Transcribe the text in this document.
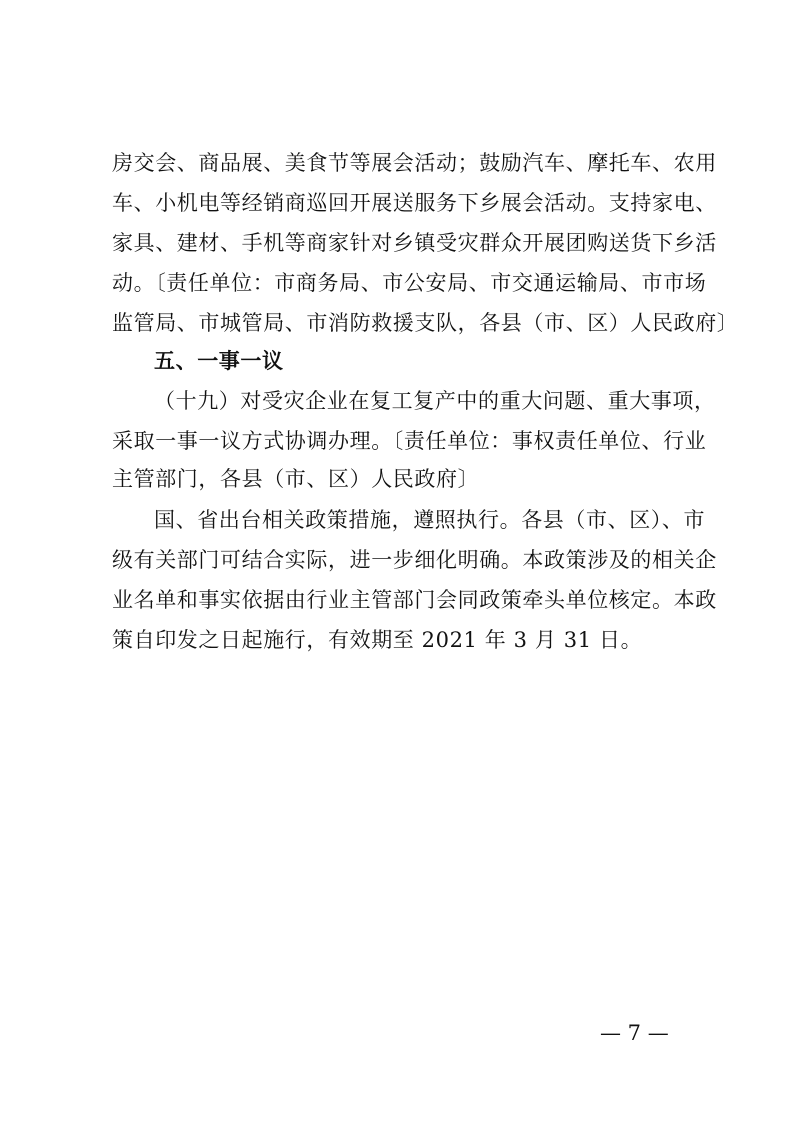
房交会、商品展、美食节等展会活动；鼓励汽车、摩托车、农用
车、小机电等经销商巡回开展送服务下乡展会活动。支持家电、
家具、建材、手机等商家针对乡镇受灾群众开展团购送货下乡活
动。〔责任单位：市商务局、市公安局、市交通运输局、市市场
监管局、市城管局、市消防救援支队，各县（市、区）人民政府〕
五、一事一议
（十九）对受灾企业在复工复产中的重大问题、重大事项，
采取一事一议方式协调办理。〔责任单位：事权责任单位、行业
主管部门，各县（市、区）人民政府〕
国、省出台相关政策措施，遵照执行。各县（市、区）、市
级有关部门可结合实际，进一步细化明确。本政策涉及的相关企
业名单和事实依据由行业主管部门会同政策牵头单位核定。本政
策自印发之日起施行，有效期至 2021 年 3 月 31 日。
— 7 —
